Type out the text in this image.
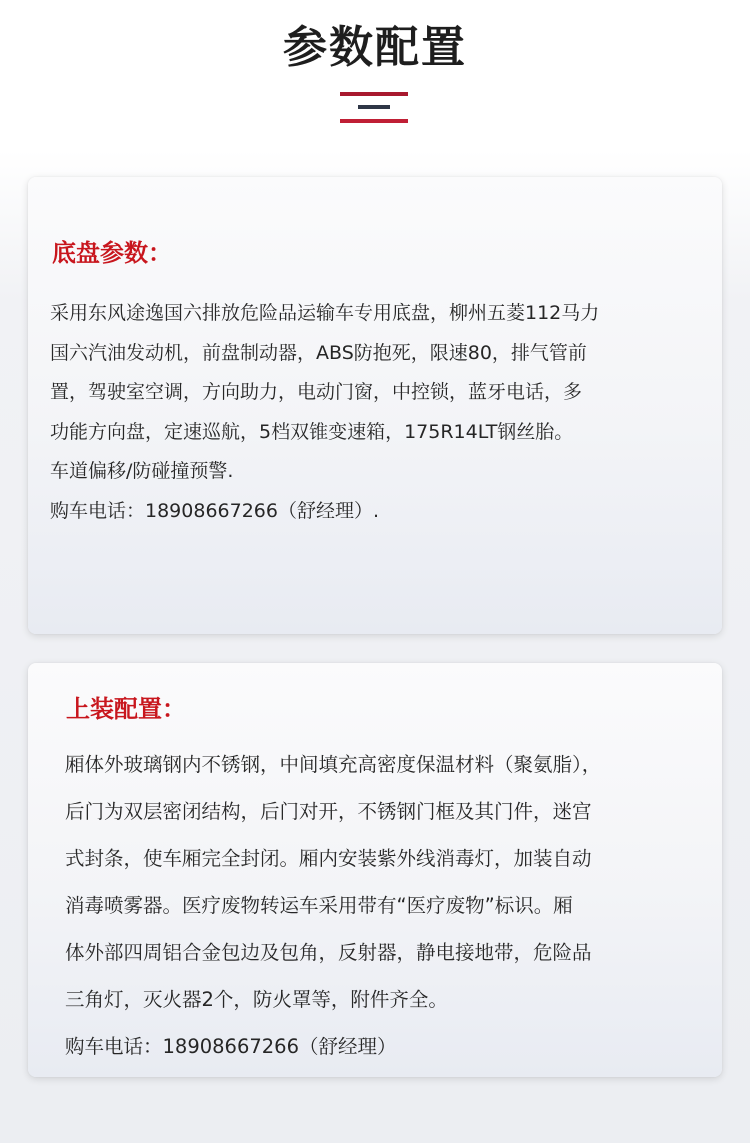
参数配置
底盘参数：
采用东风途逸国六排放危险品运输车专用底盘，柳州五菱112马力
国六汽油发动机，前盘制动器，ABS防抱死，限速80，排气管前
置，驾驶室空调，方向助力，电动门窗，中控锁，蓝牙电话，多
功能方向盘，定速巡航，5档双锥变速箱，175R14LT钢丝胎。
车道偏移/防碰撞预警.
购车电话：18908667266（舒经理）.
上装配置：
厢体外玻璃钢内不锈钢，中间填充高密度保温材料（聚氨脂），
后门为双层密闭结构，后门对开，不锈钢门框及其门件，迷宫
式封条，使车厢完全封闭。厢内安装紫外线消毒灯，加装自动
消毒喷雾器。医疗废物转运车采用带有“医疗废物”标识。厢
体外部四周铝合金包边及包角，反射器，静电接地带，危险品
三角灯，灭火器2个，防火罩等，附件齐全。
购车电话：18908667266（舒经理）
